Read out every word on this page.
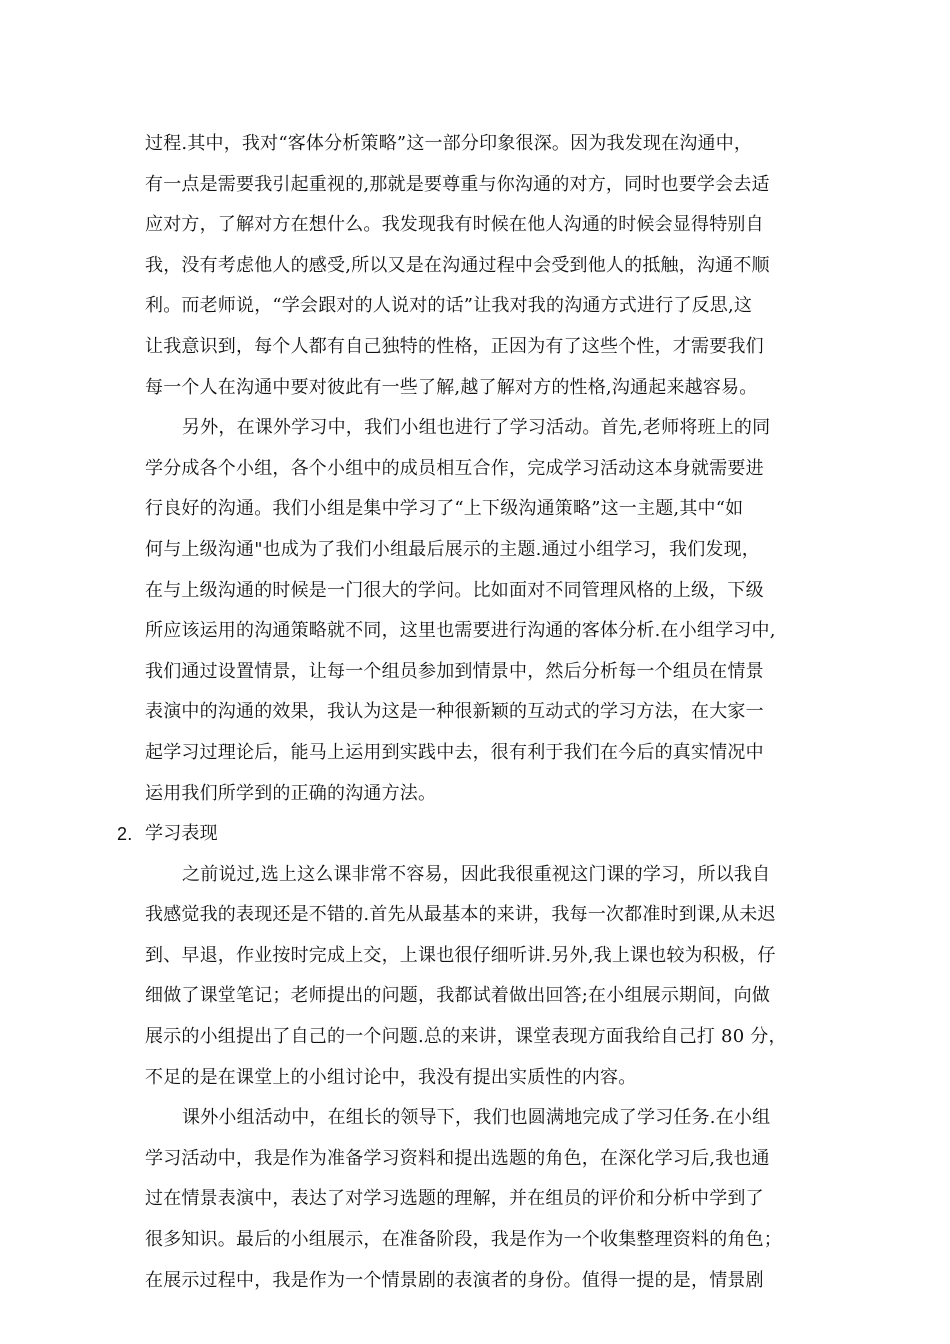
过程.其中，我对“客体分析策略”这一部分印象很深。因为我发现在沟通中，
有一点是需要我引起重视的,那就是要尊重与你沟通的对方，同时也要学会去适
应对方，了解对方在想什么。我发现我有时候在他人沟通的时候会显得特别自
我，没有考虑他人的感受,所以又是在沟通过程中会受到他人的抵触，沟通不顺
利。而老师说，“学会跟对的人说对的话”让我对我的沟通方式进行了反思,这
让我意识到，每个人都有自己独特的性格，正因为有了这些个性，才需要我们
每一个人在沟通中要对彼此有一些了解,越了解对方的性格,沟通起来越容易。
另外，在课外学习中，我们小组也进行了学习活动。首先,老师将班上的同
学分成各个小组，各个小组中的成员相互合作，完成学习活动这本身就需要进
行良好的沟通。我们小组是集中学习了“上下级沟通策略”这一主题,其中“如
何与上级沟通"也成为了我们小组最后展示的主题.通过小组学习，我们发现，
在与上级沟通的时候是一门很大的学问。比如面对不同管理风格的上级，下级
所应该运用的沟通策略就不同，这里也需要进行沟通的客体分析.在小组学习中,
我们通过设置情景，让每一个组员参加到情景中，然后分析每一个组员在情景
表演中的沟通的效果，我认为这是一种很新颖的互动式的学习方法，在大家一
起学习过理论后，能马上运用到实践中去，很有利于我们在今后的真实情况中
运用我们所学到的正确的沟通方法。
2. 学习表现
之前说过,选上这么课非常不容易，因此我很重视这门课的学习，所以我自
我感觉我的表现还是不错的.首先从最基本的来讲，我每一次都准时到课,从未迟
到、早退，作业按时完成上交，上课也很仔细听讲.另外,我上课也较为积极，仔
细做了课堂笔记；老师提出的问题，我都试着做出回答;在小组展示期间，向做
展示的小组提出了自己的一个问题.总的来讲，课堂表现方面我给自己打 80 分，
不足的是在课堂上的小组讨论中，我没有提出实质性的内容。
课外小组活动中，在组长的领导下，我们也圆满地完成了学习任务.在小组
学习活动中，我是作为准备学习资料和提出选题的角色，在深化学习后,我也通
过在情景表演中，表达了对学习选题的理解，并在组员的评价和分析中学到了
很多知识。最后的小组展示，在准备阶段，我是作为一个收集整理资料的角色；
在展示过程中，我是作为一个情景剧的表演者的身份。值得一提的是，情景剧
